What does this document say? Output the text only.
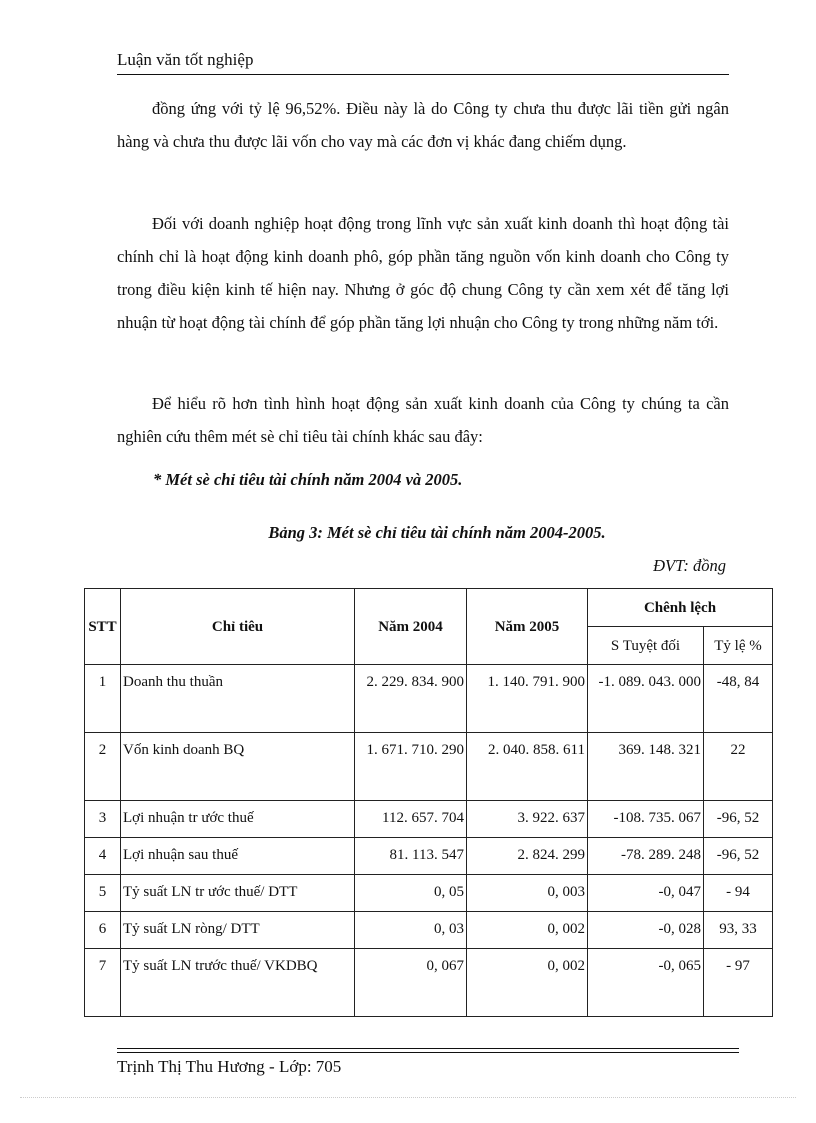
Luận văn tốt nghiệp

đồng ứng với tỷ lệ 96,52%. Điều này là do Công ty chưa thu được lãi tiền gửi ngân hàng và chưa thu được lãi vốn cho vay mà các đơn vị khác đang chiếm dụng.

Đối với doanh nghiệp hoạt động trong lĩnh vực sản xuất kinh doanh thì hoạt động tài chính chỉ là hoạt động kinh doanh phô, góp phần tăng nguồn vốn kinh doanh cho Công ty trong điều kiện kinh tế hiện nay. Nhưng ở góc độ chung Công ty cần xem xét để tăng lợi nhuận từ hoạt động tài chính để góp phần tăng lợi nhuận cho Công ty trong những năm tới.

Để hiểu rõ hơn tình hình hoạt động sản xuất kinh doanh của Công ty chúng ta cần nghiên cứu thêm mét sè chỉ tiêu tài chính khác sau đây:

* Mét sè chỉ tiêu tài chính năm 2004 và 2005.
Bảng 3: Mét sè chỉ tiêu tài chính năm 2004-2005.
ĐVT: đồng
STT	Chỉ tiêu	Năm 2004	Năm 2005	Chênh lệch	
				S Tuyệt đối	Tỷ lệ %
1	Doanh thu thuần	2. 229. 834. 900	1. 140. 791. 900	-1. 089. 043. 000	-48, 84
2	Vốn kinh doanh BQ	1. 671. 710. 290	2. 040. 858. 611	369. 148. 321	22
3	Lợi nhuận tr ước thuế	112. 657. 704	3. 922. 637	-108. 735. 067	-96, 52
4	Lợi nhuận sau thuế	81. 113. 547	2. 824. 299	-78. 289. 248	-96, 52
5	Tỷ suất LN tr ước thuế/ DTT	0, 05	0, 003	-0, 047	- 94
6	Tỷ suất LN ròng/ DTT	0, 03	0, 002	-0, 028	93, 33
7	Tỷ suất LN trước thuế/ VKDBQ	0, 067	0, 002	-0, 065	- 97
Trịnh Thị Thu Hương - Lớp: 705
